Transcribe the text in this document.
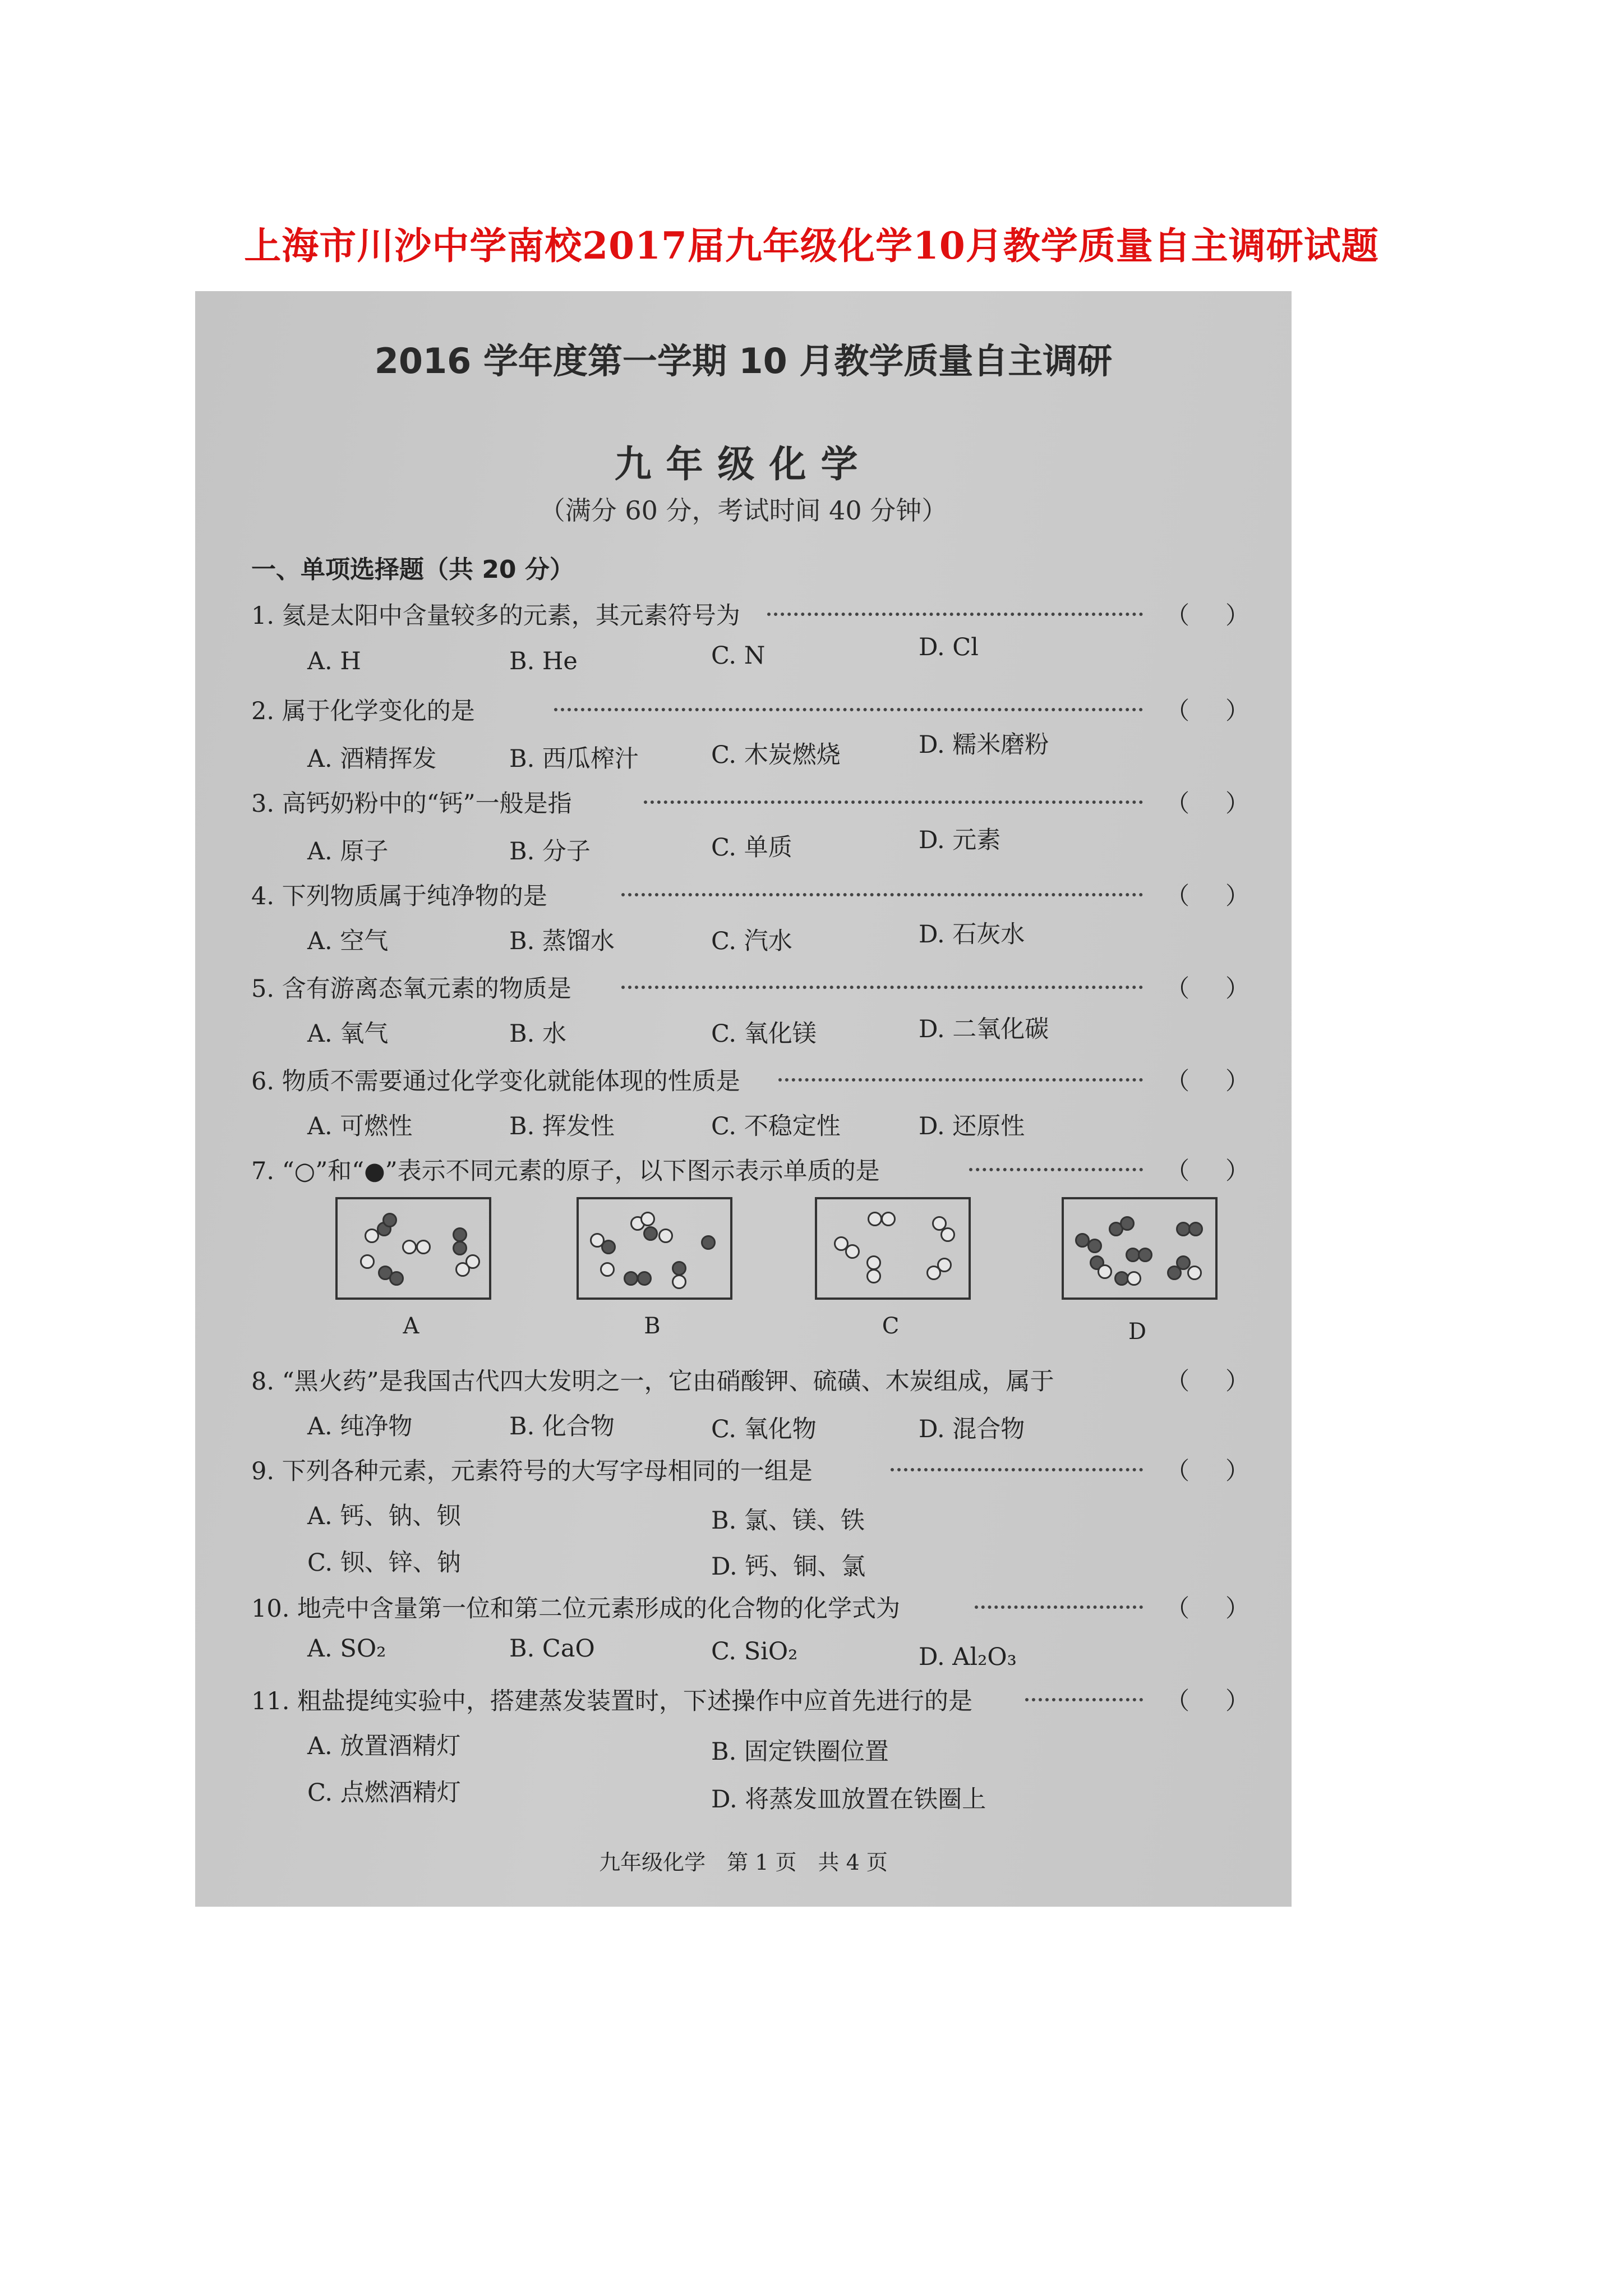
上海市川沙中学南校2017届九年级化学10月教学质量自主调研试题
2016 学年度第一学期 10 月教学质量自主调研
九年级化学
（满分 60 分，考试时间 40 分钟）
一、单项选择题（共 20 分）
1. 氦是太阳中含量较多的元素，其元素符号为	（ ）
A. H	B. He	C. N	D. Cl
2. 属于化学变化的是	（ ）
A. 酒精挥发	B. 西瓜榨汁	C. 木炭燃烧	D. 糯米磨粉
3. 高钙奶粉中的“钙”一般是指	（ ）
A. 原子	B. 分子	C. 单质	D. 元素
4. 下列物质属于纯净物的是	（ ）
A. 空气	B. 蒸馏水	C. 汽水	D. 石灰水
5. 含有游离态氧元素的物质是	（ ）
A. 氧气	B. 水	C. 氧化镁	D. 二氧化碳
6. 物质不需要通过化学变化就能体现的性质是	（ ）
A. 可燃性	B. 挥发性	C. 不稳定性	D. 还原性
7. “○”和“●”表示不同元素的原子，以下图示表示单质的是	（ ）
A	B	C	D
8. “黑火药”是我国古代四大发明之一，它由硝酸钾、硫磺、木炭组成，属于	（ ）
A. 纯净物	B. 化合物	C. 氧化物	D. 混合物
9. 下列各种元素，元素符号的大写字母相同的一组是	（ ）
A. 钙、钠、钡	B. 氯、镁、铁
C. 钡、锌、钠	D. 钙、铜、氯
10. 地壳中含量第一位和第二位元素形成的化合物的化学式为	（ ）
A. SO₂	B. CaO	C. SiO₂	D. Al₂O₃
11. 粗盐提纯实验中，搭建蒸发装置时，下述操作中应首先进行的是	（ ）
A. 放置酒精灯	B. 固定铁圈位置
C. 点燃酒精灯	D. 将蒸发皿放置在铁圈上
九年级化学　第 1 页　共 4 页
